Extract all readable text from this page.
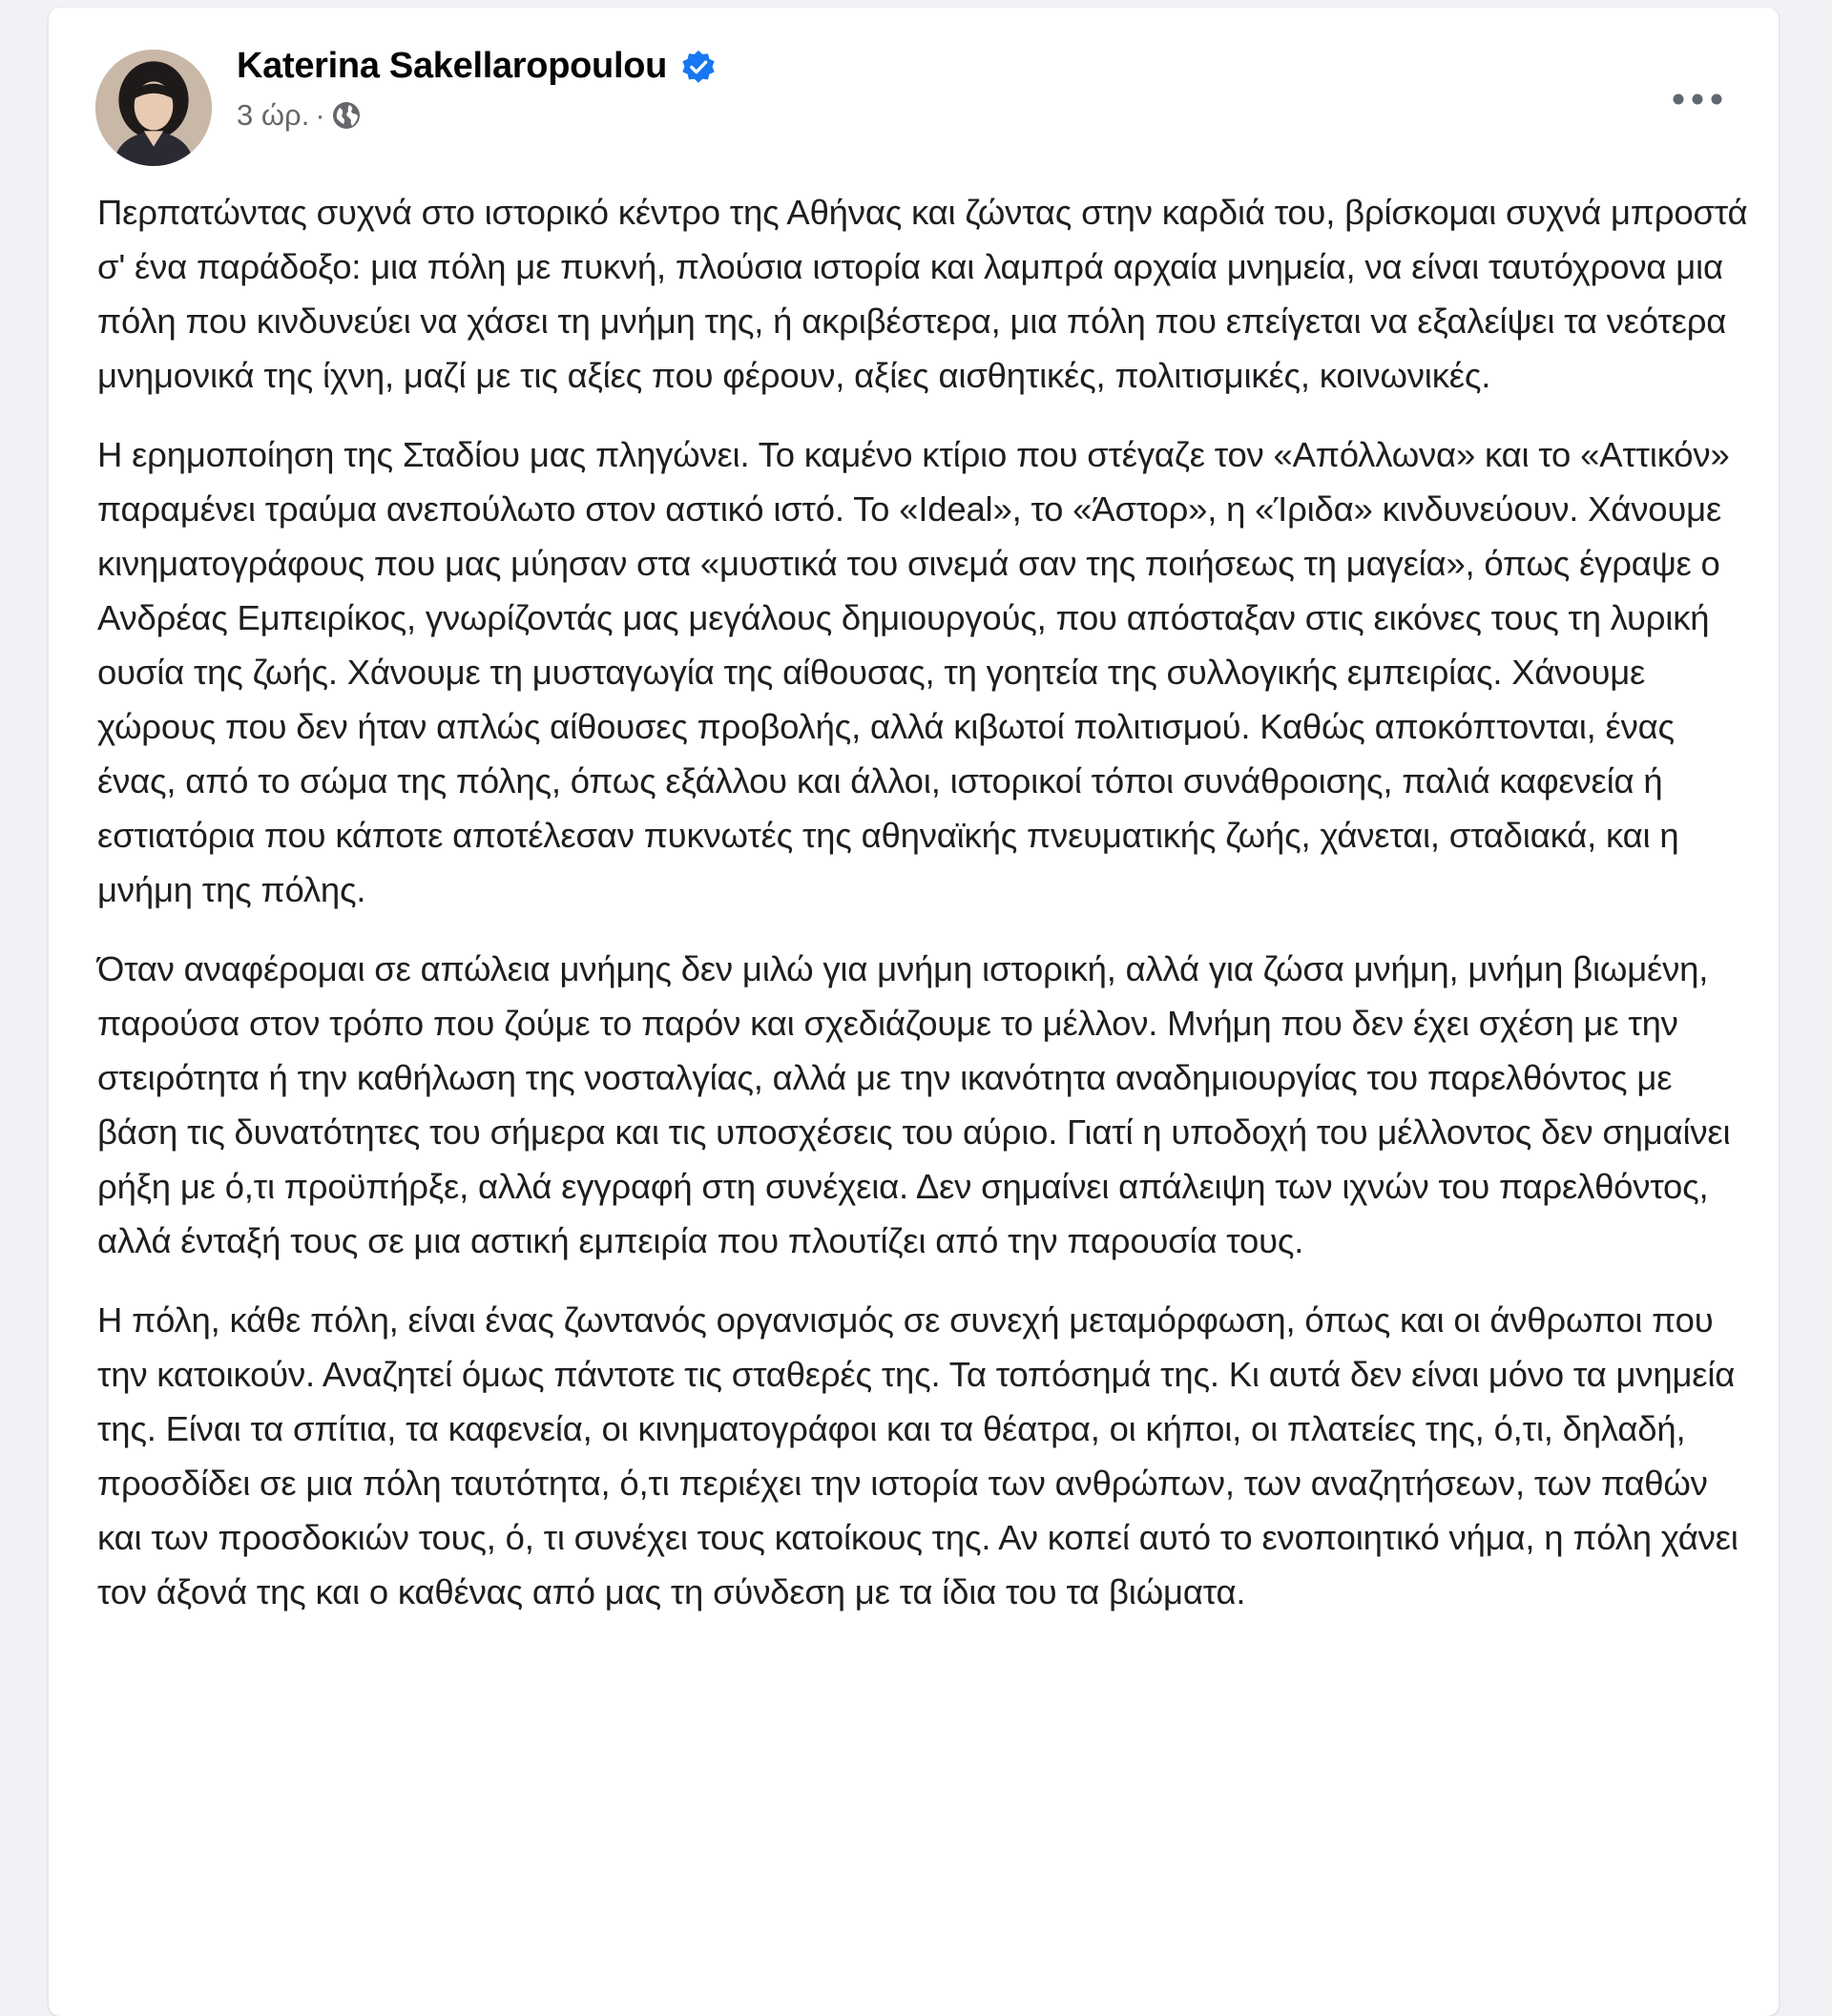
Katerina Sakellaropoulou
3 ώρ. ·

Περπατώντας συχνά στο ιστορικό κέντρο της Αθήνας και ζώντας στην καρδιά του, βρίσκομαι συχνά μπροστά σ' ένα παράδοξο: μια πόλη με πυκνή, πλούσια ιστορία και λαμπρά αρχαία μνημεία, να είναι ταυτόχρονα μια πόλη που κινδυνεύει να χάσει τη μνήμη της, ή ακριβέστερα, μια πόλη που επείγεται να εξαλείψει τα νεότερα μνημονικά της ίχνη, μαζί με τις αξίες που φέρουν, αξίες αισθητικές, πολιτισμικές, κοινωνικές.

Η ερημοποίηση της Σταδίου μας πληγώνει. Το καμένο κτίριο που στέγαζε τον «Απόλλωνα» και το «Αττικόν» παραμένει τραύμα ανεπούλωτο στον αστικό ιστό. Το «Ideal», το «Άστορ», η «Ίριδα» κινδυνεύουν. Χάνουμε κινηματογράφους που μας μύησαν στα «μυστικά του σινεμά σαν της ποιήσεως τη μαγεία», όπως έγραψε ο Ανδρέας Εμπειρίκος, γνωρίζοντάς μας μεγάλους δημιουργούς, που απόσταξαν στις εικόνες τους τη λυρική ουσία της ζωής. Χάνουμε τη μυσταγωγία της αίθουσας, τη γοητεία της συλλογικής εμπειρίας. Χάνουμε χώρους που δεν ήταν απλώς αίθουσες προβολής, αλλά κιβωτοί πολιτισμού. Καθώς αποκόπτονται, ένας ένας, από το σώμα της πόλης, όπως εξάλλου και άλλοι, ιστορικοί τόποι συνάθροισης, παλιά καφενεία ή εστιατόρια που κάποτε αποτέλεσαν πυκνωτές της αθηναϊκής πνευματικής ζωής, χάνεται, σταδιακά, και η μνήμη της πόλης.

Όταν αναφέρομαι σε απώλεια μνήμης δεν μιλώ για μνήμη ιστορική, αλλά για ζώσα μνήμη, μνήμη βιωμένη, παρούσα στον τρόπο που ζούμε το παρόν και σχεδιάζουμε το μέλλον. Μνήμη που δεν έχει σχέση με την στειρότητα ή την καθήλωση της νοσταλγίας, αλλά με την ικανότητα αναδημιουργίας του παρελθόντος με βάση τις δυνατότητες του σήμερα και τις υποσχέσεις του αύριο. Γιατί η υποδοχή του μέλλοντος δεν σημαίνει ρήξη με ό,τι προϋπήρξε, αλλά εγγραφή στη συνέχεια. Δεν σημαίνει απάλειψη των ιχνών του παρελθόντος, αλλά ένταξή τους σε μια αστική εμπειρία που πλουτίζει από την παρουσία τους.

Η πόλη, κάθε πόλη, είναι ένας ζωντανός οργανισμός σε συνεχή μεταμόρφωση, όπως και οι άνθρωποι που την κατοικούν. Αναζητεί όμως πάντοτε τις σταθερές της. Τα τοπόσημά της. Κι αυτά δεν είναι μόνο τα μνημεία της. Είναι τα σπίτια, τα καφενεία, οι κινηματογράφοι και τα θέατρα, οι κήποι, οι πλατείες της, ό,τι, δηλαδή, προσδίδει σε μια πόλη ταυτότητα, ό,τι περιέχει την ιστορία των ανθρώπων, των αναζητήσεων, των παθών και των προσδοκιών τους, ό, τι συνέχει τους κατοίκους της. Αν κοπεί αυτό το ενοποιητικό νήμα, η πόλη χάνει τον άξονά της και ο καθένας από μας τη σύνδεση με τα ίδια του τα βιώματα.
